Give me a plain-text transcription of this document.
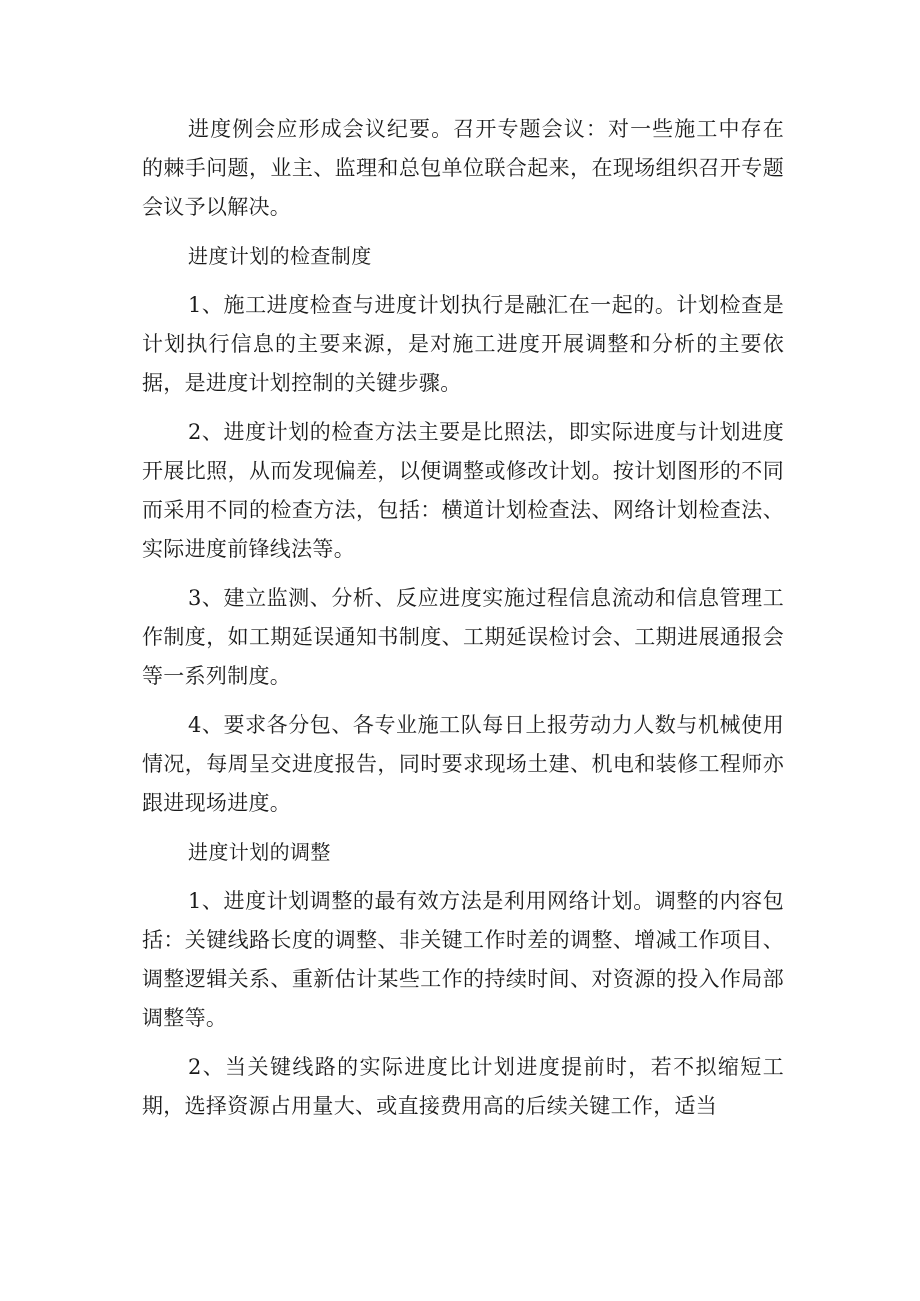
进度例会应形成会议纪要。召开专题会议：对一些施工中存在的棘手问题，业主、监理和总包单位联合起来，在现场组织召开专题会议予以解决。

进度计划的检查制度

1、施工进度检查与进度计划执行是融汇在一起的。计划检查是计划执行信息的主要来源，是对施工进度开展调整和分析的主要依据，是进度计划控制的关键步骤。

2、进度计划的检查方法主要是比照法，即实际进度与计划进度开展比照，从而发现偏差，以便调整或修改计划。按计划图形的不同而采用不同的检查方法，包括：横道计划检查法、网络计划检查法、实际进度前锋线法等。

3、建立监测、分析、反应进度实施过程信息流动和信息管理工作制度，如工期延误通知书制度、工期延误检讨会、工期进展通报会等一系列制度。

4、要求各分包、各专业施工队每日上报劳动力人数与机械使用情况，每周呈交进度报告，同时要求现场土建、机电和装修工程师亦跟进现场进度。

进度计划的调整

1、进度计划调整的最有效方法是利用网络计划。调整的内容包括：关键线路长度的调整、非关键工作时差的调整、增减工作项目、调整逻辑关系、重新估计某些工作的持续时间、对资源的投入作局部调整等。

2、当关键线路的实际进度比计划进度提前时，若不拟缩短工期，选择资源占用量大、或直接费用高的后续关键工作，适当
